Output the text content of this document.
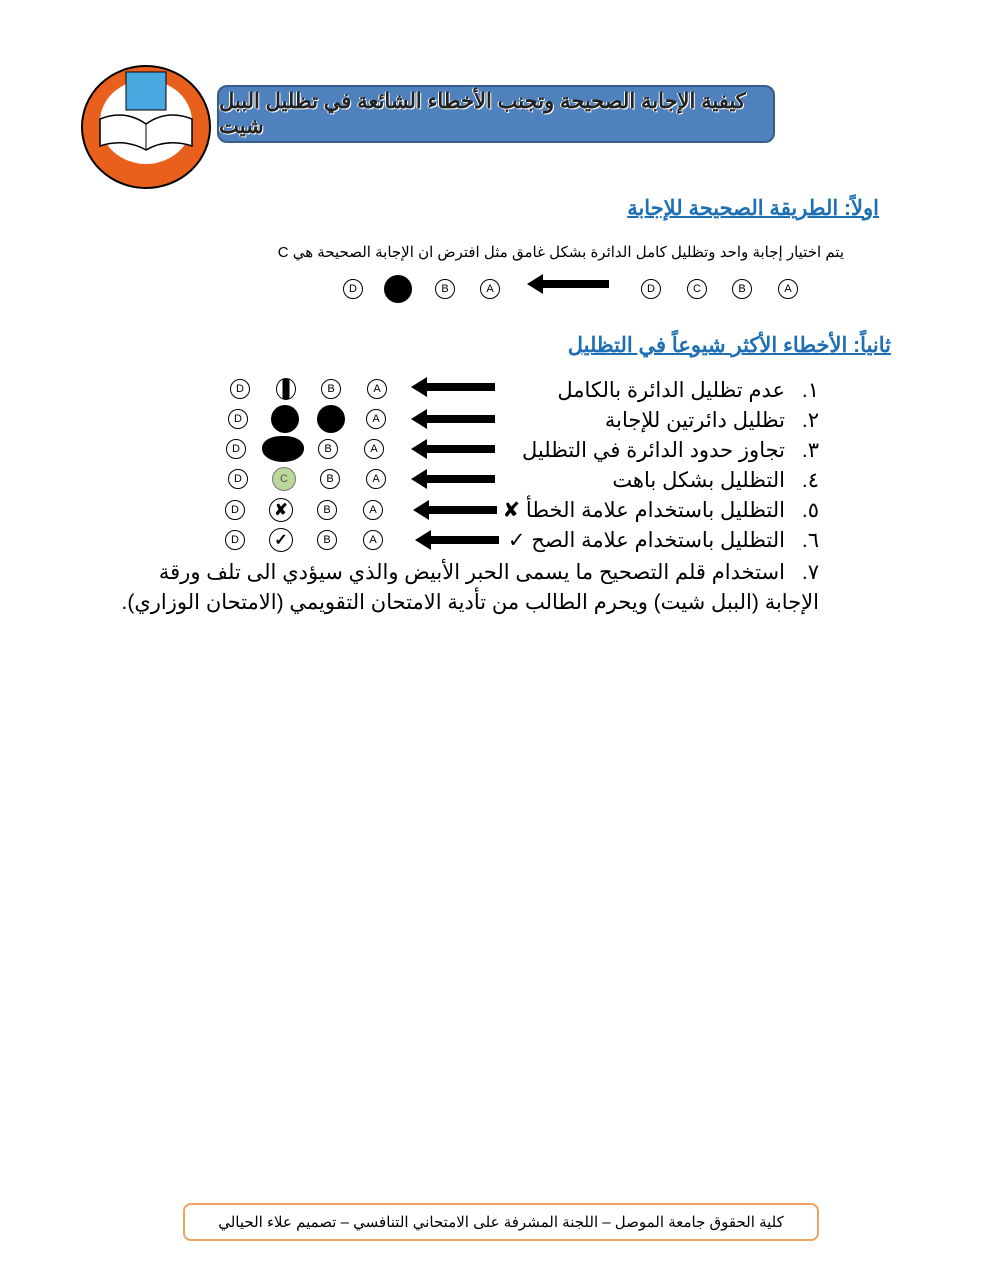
كيفية الإجابة الصحيحة وتجنب الأخطاء الشائعة في تظليل الببل شيت
اولاً: الطريقة الصحيحة للإجابة
يتم اختيار إجابة واحد وتظليل كامل الدائرة بشكل غامق مثل افترض ان الإجابة الصحيحة هي C
A
B
C
D
A
B
D
ثانياً: الأخطاء الأكثر شيوعاً في التظليل
١.عدم تظليل الدائرة بالكامل
٢.تظليل دائرتين للإجابة
٣.تجاوز حدود الدائرة في التظليل
٤.التظليل بشكل باهت
٥.التظليل باستخدام علامة الخطأ ✘
٦.التظليل باستخدام علامة الصح ✓
٧.استخدام قلم التصحيح ما يسمى الحبر الأبيض والذي سيؤدي الى تلف ورقة الإجابة (الببل شيت) ويحرم الطالب من تأدية الامتحان التقويمي (الامتحان الوزاري).
A
B
D
A
D
A
B
D
A
B
C
D
A
B
✘
D
A
B
✓
D
كلية الحقوق جامعة الموصل – اللجنة المشرفة على الامتحاني التنافسي – تصميم علاء الحيالي
